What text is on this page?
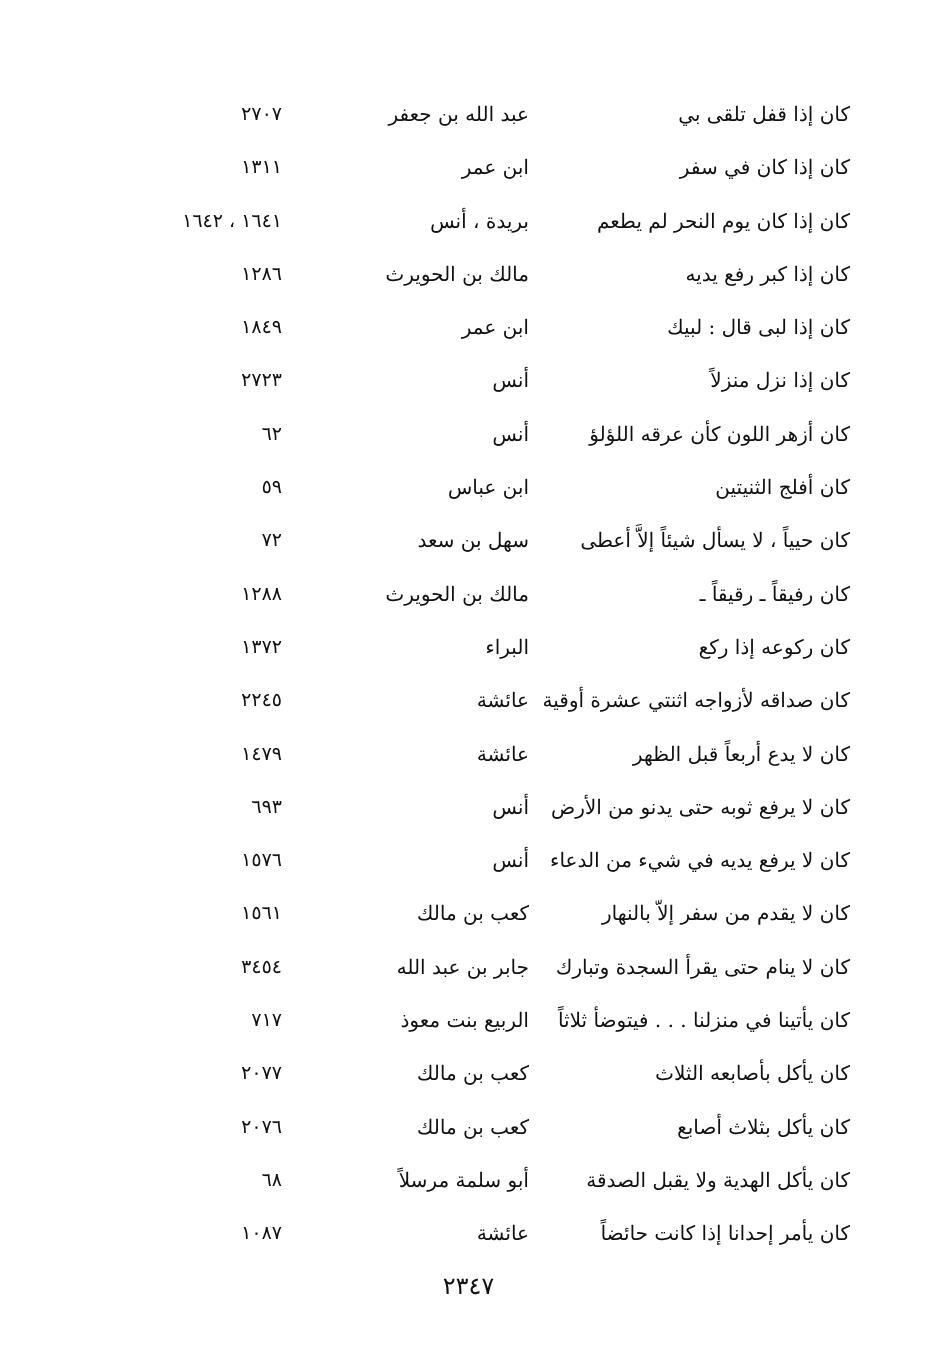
كان إذا قفل تلقى بي
عبد الله بن جعفر
٢٧٠٧
كان إذا كان في سفر
ابن عمر
١٣١١
كان إذا كان يوم النحر لم يطعم
بريدة ، أنس
١٦٤١ ، ١٦٤٢
كان إذا كبر رفع يديه
مالك بن الحويرث
١٢٨٦
كان إذا لبى قال : لبيك
ابن عمر
١٨٤٩
كان إذا نزل منزلاً
أنس
٢٧٢٣
كان أزهر اللون كأن عرقه اللؤلؤ
أنس
٦٢
كان أفلج الثنيتين
ابن عباس
٥٩
كان حيياً ، لا يسأل شيئاً إلاَّ أعطى
سهل بن سعد
٧٢
كان رفيقاً ـ رقيقاً ـ
مالك بن الحويرث
١٢٨٨
كان ركوعه إذا ركع
البراء
١٣٧٢
كان صداقه لأزواجه اثنتي عشرة أوقية
عائشة
٢٢٤٥
كان لا يدع أربعاً قبل الظهر
عائشة
١٤٧٩
كان لا يرفع ثوبه حتى يدنو من الأرض
أنس
٦٩٣
كان لا يرفع يديه في شيء من الدعاء
أنس
١٥٧٦
كان لا يقدم من سفر إلاّ بالنهار
كعب بن مالك
١٥٦١
كان لا ينام حتى يقرأ السجدة وتبارك
جابر بن عبد الله
٣٤٥٤
كان يأتينا في منزلنا . . . فيتوضأ ثلاثاً
الربيع بنت معوذ
٧١٧
كان يأكل بأصابعه الثلاث
كعب بن مالك
٢٠٧٧
كان يأكل بثلاث أصابع
كعب بن مالك
٢٠٧٦
كان يأكل الهدية ولا يقبل الصدقة
أبو سلمة مرسلاً
٦٨
كان يأمر إحدانا إذا كانت حائضاً
عائشة
١٠٨٧
٢٣٤٧
